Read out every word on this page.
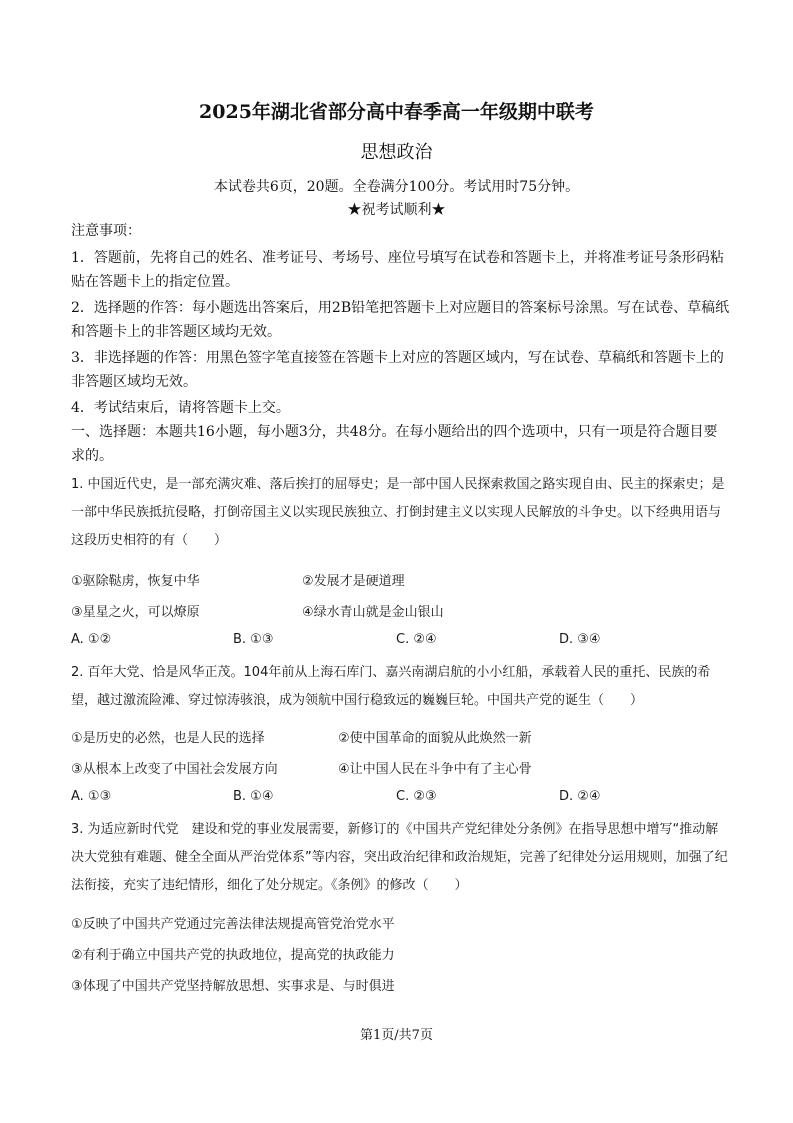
2025年湖北省部分高中春季高一年级期中联考
思想政治
本试卷共6页，20题。全卷满分100分。考试用时75分钟。
★祝考试顺利★
注意事项：
1．答题前，先将自己的姓名、准考证号、考场号、座位号填写在试卷和答题卡上，并将准考证号条形码粘贴在答题卡上的指定位置。
2．选择题的作答：每小题选出答案后，用2B铅笔把答题卡上对应题目的答案标号涂黑。写在试卷、草稿纸和答题卡上的非答题区域均无效。
3．非选择题的作答：用黑色签字笔直接签在答题卡上对应的答题区域内，写在试卷、草稿纸和答题卡上的非答题区域均无效。
4．考试结束后，请将答题卡上交。
一、选择题：本题共16小题，每小题3分，共48分。在每小题给出的四个选项中，只有一项是符合题目要求的。
1. 中国近代史，是一部充满灾难、落后挨打的屈辱史；是一部中国人民探索救国之路实现自由、民主的探索史；是一部中华民族抵抗侵略，打倒帝国主义以实现民族独立、打倒封建主义以实现人民解放的斗争史。以下经典用语与这段历史相符的有（　　）
①驱除鞑虏，恢复中华	②发展才是硬道理
③星星之火，可以燎原	④绿水青山就是金山银山
A. ①②	B. ①③	C. ②④	D. ③④
2. 百年大党、恰是风华正茂。104年前从上海石库门、嘉兴南湖启航的小小红船，承载着人民的重托、民族的希望，越过激流险滩、穿过惊涛骇浪，成为领航中国行稳致远的巍巍巨轮。中国共产党的诞生（　　）
①是历史的必然，也是人民的选择	②使中国革命的面貌从此焕然一新
③从根本上改变了中国社会发展方向	④让中国人民在斗争中有了主心骨
A. ①③	B. ①④	C. ②③	D. ②④
3. 为适应新时代党　建设和党的事业发展需要，新修订的《中国共产党纪律处分条例》在指导思想中增写“推动解决大党独有难题、健全全面从严治党体系”等内容，突出政治纪律和政治规矩，完善了纪律处分运用规则，加强了纪法衔接，充实了违纪情形，细化了处分规定。《条例》的修改（　　）
①反映了中国共产党通过完善法律法规提高管党治党水平
②有利于确立中国共产党的执政地位，提高党的执政能力
③体现了中国共产党坚持解放思想、实事求是、与时俱进
第1页/共7页
